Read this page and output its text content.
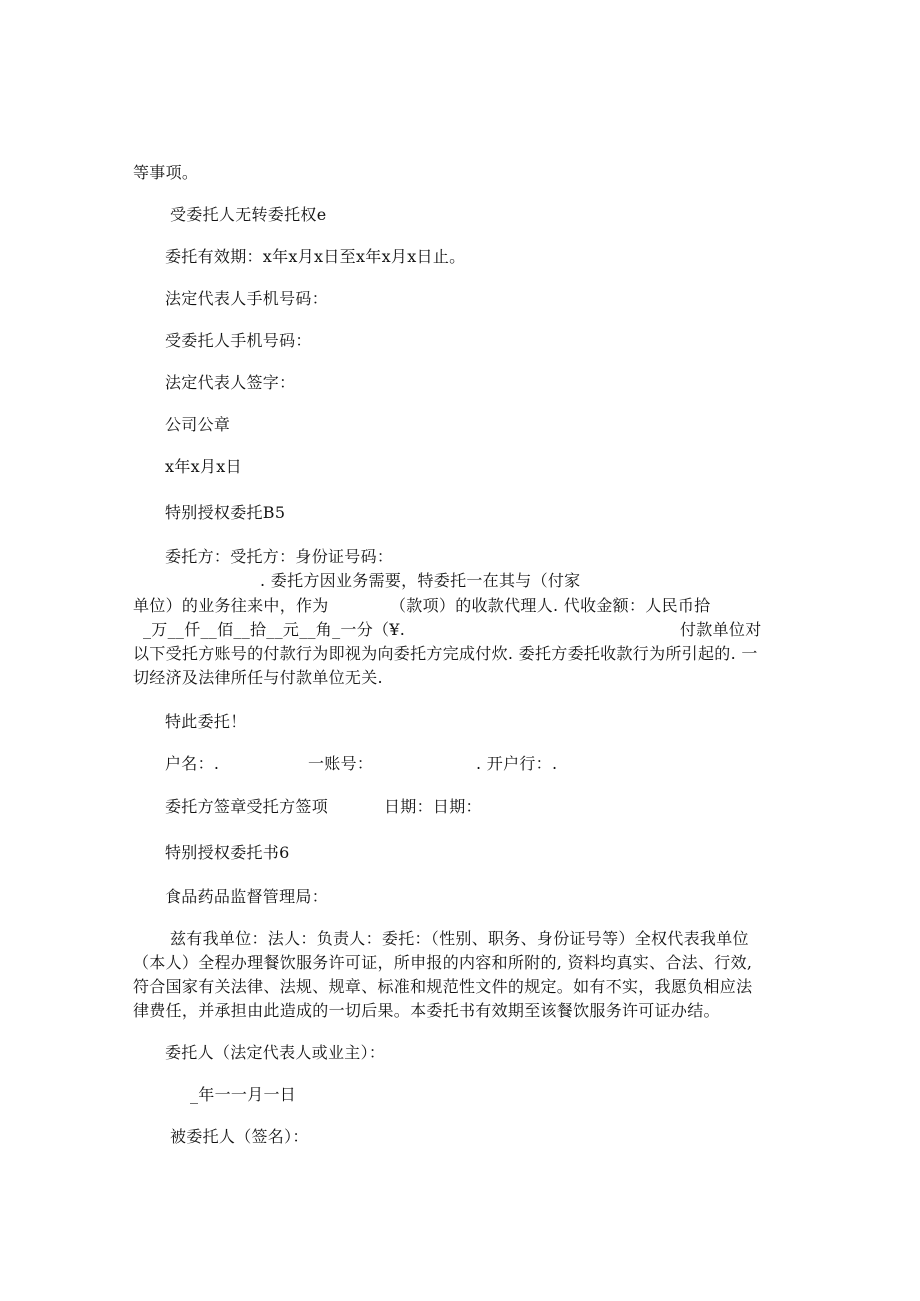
等事项。

受委托人无转委托权e

委托有效期：x年x月x日至x年x月x日止。

法定代表人手机号码：

受委托人手机号码：

法定代表人签字：

公司公章

x年x月x日

特别授权委托B5

委托方：受托方：身份证号码：

. 委托方因业务需要，特委托一在其与（付家

单位）的业务往来中，作为	（款项）的收款代理人. 代收金额：人民币拾

_万__仟__佰__拾__元__角_一分（¥.	付款单位对

以下受托方账号的付款行为即视为向委托方完成付炊. 委托方委托收款行为所引起的. 一

切经济及法律所任与付款单位无关.

特此委托！

户名：.	一账号：	. 开户行：.

委托方签章受托方签项	日期：日期：

特别授权委托书6

食品药品监督管理局：

兹有我单位：法人：负责人：委托：（性别、职务、身份证号等）全权代表我单位

（本人）全程办理餐饮服务许可证，所申报的内容和所附的, 资料均真实、合法、行效,

符合国家有关法律、法规、规章、标准和规范性文件的规定。如有不实，我愿负相应法

律费任，并承担由此造成的一切后果。本委托书有效期至该餐饮服务许可证办结。

委托人（法定代表人或业主）：

_年一一月一日

被委托人（签名）：
